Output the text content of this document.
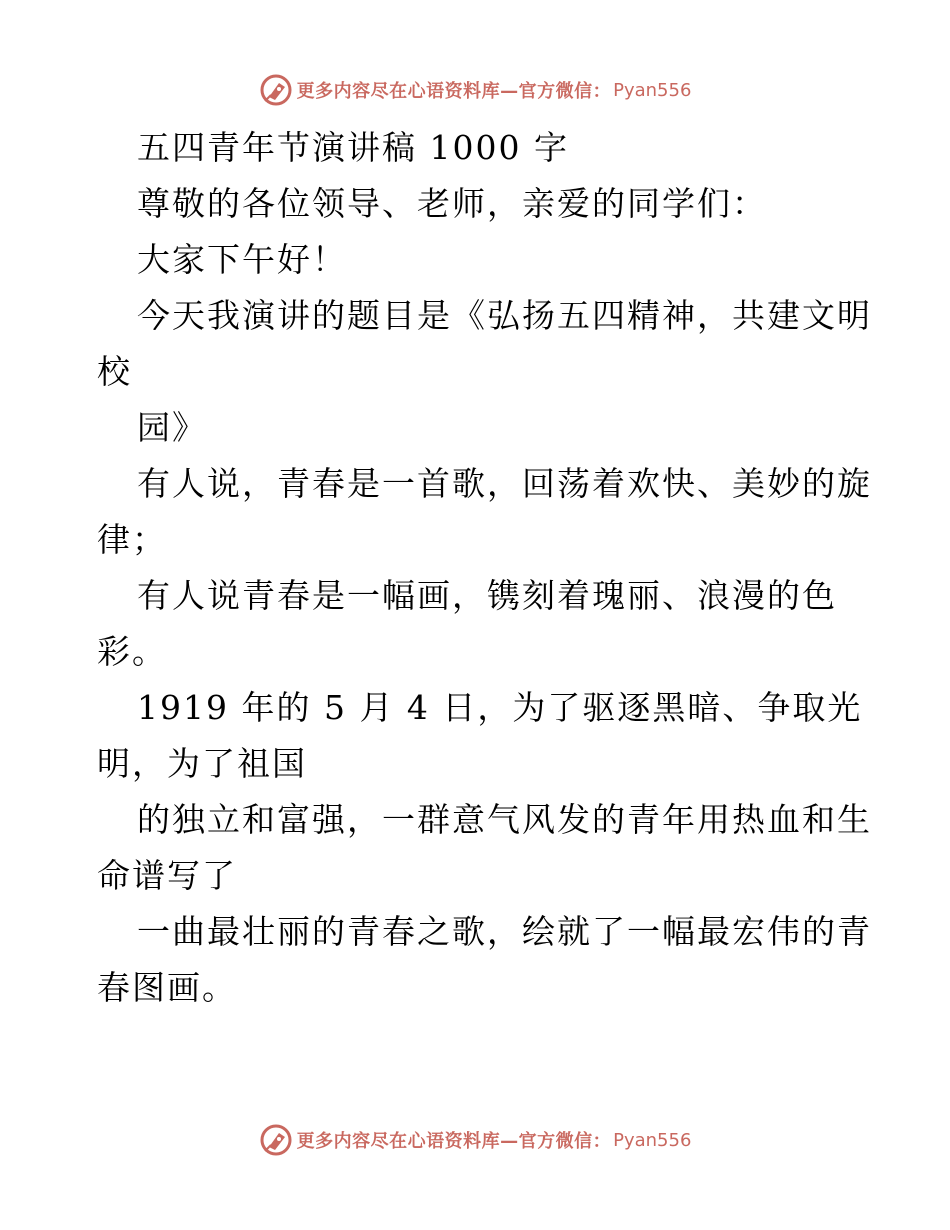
更多内容尽在心语资料库—官方微信： Pyan556
五四青年节演讲稿 1000 字
尊敬的各位领导、老师，亲爱的同学们：
大家下午好！
今天我演讲的题目是《弘扬五四精神，共建文明
校
园》
有人说，青春是一首歌，回荡着欢快、美妙的旋
律；
有人说青春是一幅画，镌刻着瑰丽、浪漫的色
彩。
1919 年的 5 月 4 日，为了驱逐黑暗、争取光
明，为了祖国
的独立和富强，一群意气风发的青年用热血和生
命谱写了
一曲最壮丽的青春之歌，绘就了一幅最宏伟的青
春图画。
更多内容尽在心语资料库—官方微信： Pyan556
